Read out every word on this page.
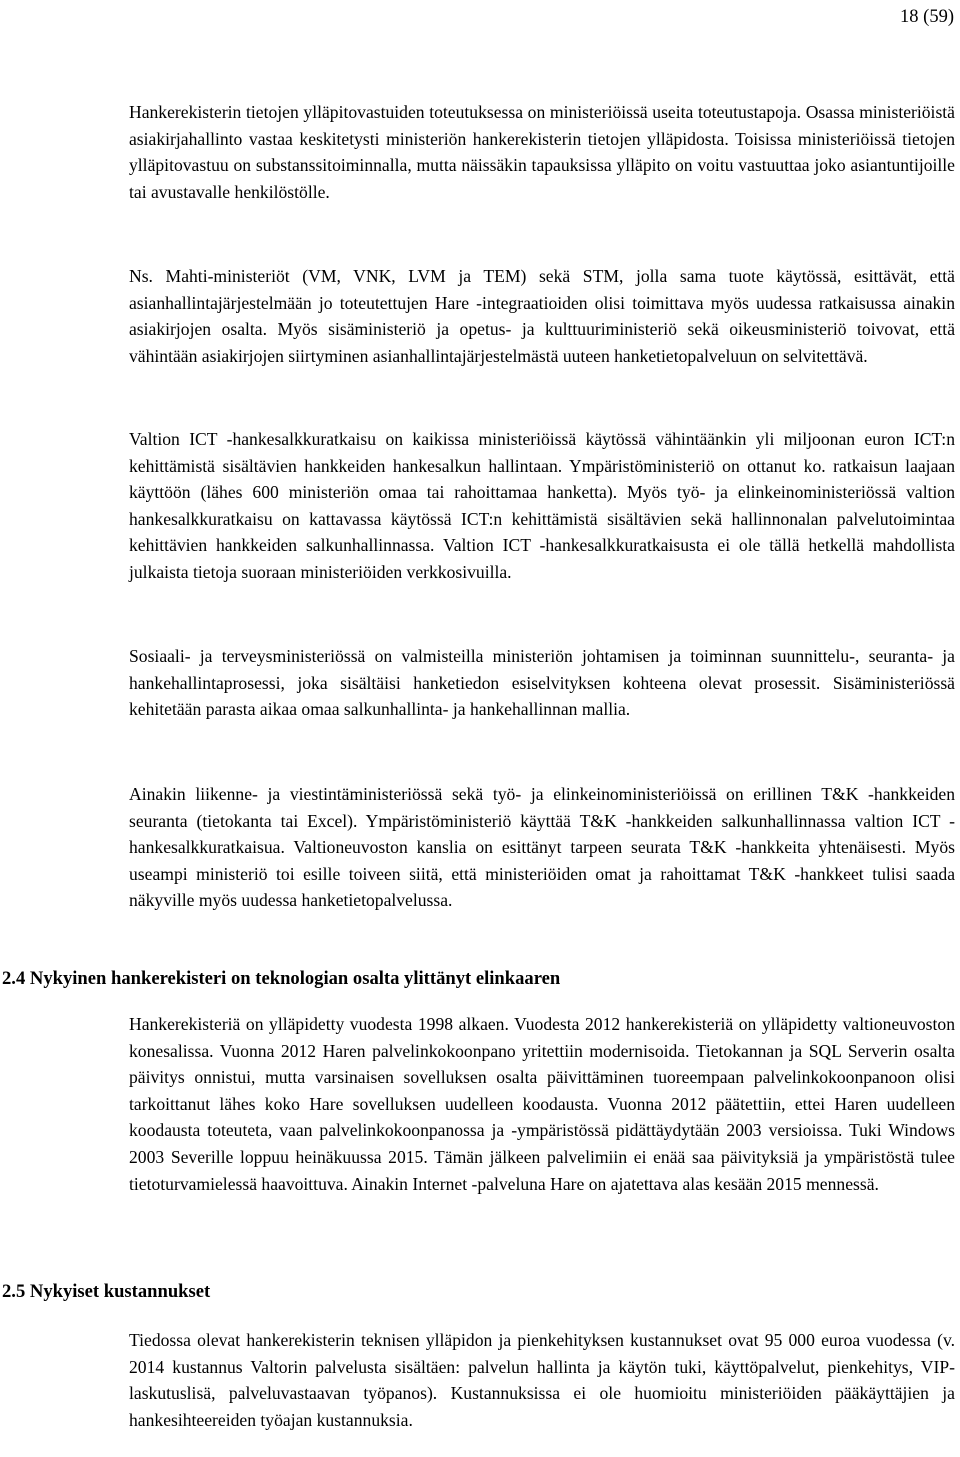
18 (59)

Hankerekisterin tietojen ylläpitovastuiden toteutuksessa on ministeriöissä useita toteutustapoja. Osassa ministeriöistä asiakirjahallinto vastaa keskitetysti ministeriön hankerekisterin tietojen ylläpidosta. Toisissa ministeriöissä tietojen ylläpitovastuu on substanssitoiminnalla, mutta näissäkin tapauksissa ylläpito on voitu vastuuttaa joko asiantuntijoille tai avustavalle henkilöstölle.

Ns. Mahti-ministeriöt (VM, VNK, LVM ja TEM) sekä STM, jolla sama tuote käytössä, esittävät, että asianhallintajärjestelmään jo toteutettujen Hare -integraatioiden olisi toimittava myös uudessa ratkaisussa ainakin asiakirjojen osalta. Myös sisäministeriö ja opetus- ja kulttuuriministeriö sekä oikeusministeriö toivovat, että vähintään asiakirjojen siirtyminen asianhallintajärjestelmästä uuteen hanketietopalveluun on selvitettävä.

Valtion ICT -hankesalkkuratkaisu on kaikissa ministeriöissä käytössä vähintäänkin yli miljoonan euron ICT:n kehittämistä sisältävien hankkeiden hankesalkun hallintaan. Ympäristöministeriö on ottanut ko. ratkaisun laajaan käyttöön (lähes 600 ministeriön omaa tai rahoittamaa hanketta). Myös työ- ja elinkeinoministeriössä valtion hankesalkkuratkaisu on kattavassa käytössä ICT:n kehittämistä sisältävien sekä hallinnonalan palvelutoimintaa kehittävien hankkeiden salkunhallinnassa. Valtion ICT -hankesalkkuratkaisusta ei ole tällä hetkellä mahdollista julkaista tietoja suoraan ministeriöiden verkkosivuilla.

Sosiaali- ja terveysministeriössä on valmisteilla ministeriön johtamisen ja toiminnan suunnittelu-, seuranta- ja hankehallintaprosessi, joka sisältäisi hanketiedon esiselvityksen kohteena olevat prosessit. Sisäministeriössä kehitetään parasta aikaa omaa salkunhallinta- ja hankehallinnan mallia.

Ainakin liikenne- ja viestintäministeriössä sekä työ- ja elinkeinoministeriöissä on erillinen T&K -hankkeiden seuranta (tietokanta tai Excel). Ympäristöministeriö käyttää T&K -hankkeiden salkunhallinnassa valtion ICT -hankesalkkuratkaisua. Valtioneuvoston kanslia on esittänyt tarpeen seurata T&K -hankkeita yhtenäisesti. Myös useampi ministeriö toi esille toiveen siitä, että ministeriöiden omat ja rahoittamat T&K -hankkeet tulisi saada näkyville myös uudessa hanketietopalvelussa.

2.4 Nykyinen hankerekisteri on teknologian osalta ylittänyt elinkaaren

Hankerekisteriä on ylläpidetty vuodesta 1998 alkaen. Vuodesta 2012 hankerekisteriä on ylläpidetty valtioneuvoston konesalissa. Vuonna 2012 Haren palvelinkokoonpano yritettiin modernisoida. Tietokannan ja SQL Serverin osalta päivitys onnistui, mutta varsinaisen sovelluksen osalta päivittäminen tuoreempaan palvelinkokoonpanoon olisi tarkoittanut lähes koko Hare sovelluksen uudelleen koodausta. Vuonna 2012 päätettiin, ettei Haren uudelleen koodausta toteuteta, vaan palvelinkokoonpanossa ja -ympäristössä pidättäydytään 2003 versioissa. Tuki Windows 2003 Severille loppuu heinäkuussa 2015. Tämän jälkeen palvelimiin ei enää saa päivityksiä ja ympäristöstä tulee tietoturvamielessä haavoittuva. Ainakin Internet -palveluna Hare on ajatettava alas kesään 2015 mennessä.

2.5 Nykyiset kustannukset

Tiedossa olevat hankerekisterin teknisen ylläpidon ja pienkehityksen kustannukset ovat 95 000 euroa vuodessa (v. 2014 kustannus Valtorin palvelusta sisältäen: palvelun hallinta ja käytön tuki, käyttöpalvelut, pienkehitys, VIP-laskutuslisä, palveluvastaavan työpanos). Kustannuksissa ei ole huomioitu ministeriöiden pääkäyttäjien ja hankesihteereiden työajan kustannuksia.
